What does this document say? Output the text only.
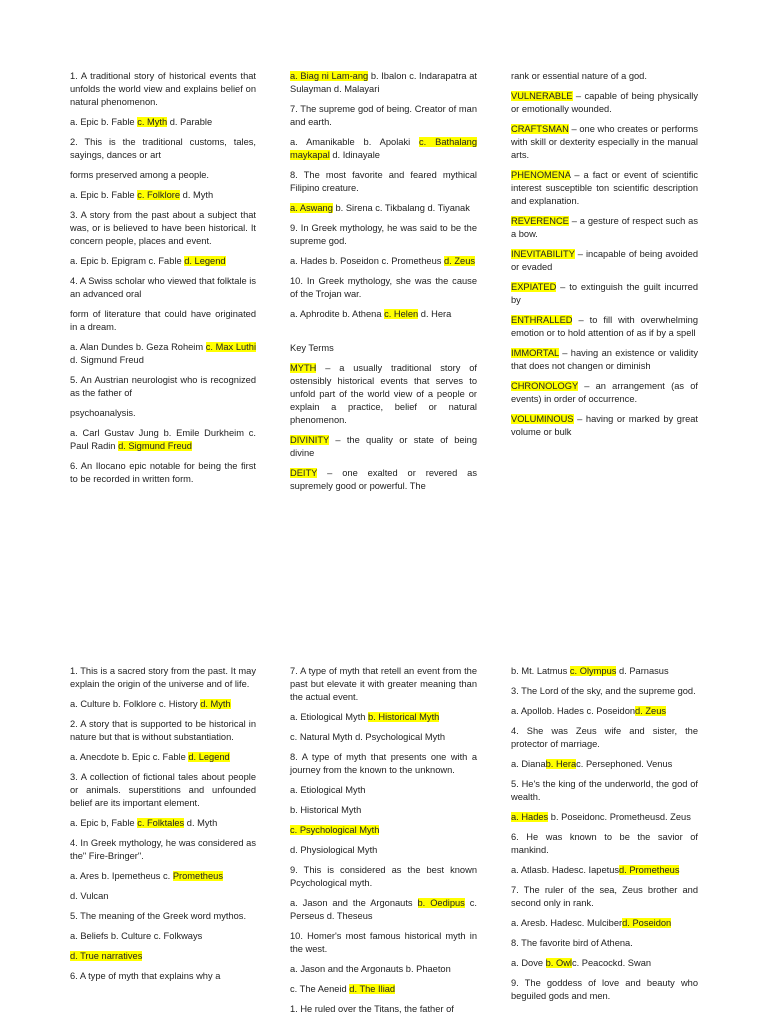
1. A traditional story of historical events that unfolds the world view and explains belief on natural phenomenon.

a. Epic b. Fable c. Myth d. Parable

2. This is the traditional customs, tales, sayings, dances or art

forms preserved among a people.

a. Epic b. Fable c. Folklore d. Myth

3. A story from the past about a subject that was, or is believed to have been historical. It concern people, places and event.

a. Epic b. Epigram c. Fable d. Legend

4. A Swiss scholar who viewed that folktale is an advanced oral

form of literature that could have originated in a dream.

a. Alan Dundes b. Geza Roheim c. Max Luthi d. Sigmund Freud

5. An Austrian neurologist who is recognized as the father of

psychoanalysis.

a. Carl Gustav Jung b. Emile Durkheim c. Paul Radin d. Sigmund Freud

6. An Ilocano epic notable for being the first to be recorded in written form.

a. Biag ni Lam-ang b. Ibalon c. Indarapatra at Sulayman d. Malayari

7. The supreme god of being. Creator of man and earth.

a. Amanikable b. Apolaki c. Bathalang maykapal d. Idinayale

8. The most favorite and feared mythical Filipino creature.

a. Aswang b. Sirena c. Tikbalang d. Tiyanak

9. In Greek mythology, he was said to be the supreme god.

a. Hades b. Poseidon c. Prometheus d. Zeus

10. In Greek mythology, she was the cause of the Trojan war.

a. Aphrodite b. Athena c. Helen d. Hera

Key Terms

MYTH – a usually traditional story of ostensibly historical events that serves to unfold part of the world view of a people or explain a practice, belief or natural phenomenon.

DIVINITY – the quality or state of being divine

DEITY – one exalted or revered as supremely good or powerful. The

rank or essential nature of a god.

VULNERABLE – capable of being physically or emotionally wounded.

CRAFTSMAN – one who creates or performs with skill or dexterity especially in the manual arts.

PHENOMENA – a fact or event of scientific interest susceptible ton scientific description and explanation.

REVERENCE – a gesture of respect such as a bow.

INEVITABILITY – incapable of being avoided or evaded

EXPIATED – to extinguish the guilt incurred by

ENTHRALLED – to fill with overwhelming emotion or to hold attention of as if by a spell

IMMORTAL – having an existence or validity that does not changen or diminish

CHRONOLOGY – an arrangement (as of events) in order of occurrence.

VOLUMINOUS – having or marked by great volume or bulk

1. This is a sacred story from the past. It may explain the origin of the universe and of life.

a. Culture b. Folklore c. History d. Myth

2. A story that is supported to be historical in nature but that is without substantiation.

a. Anecdote b. Epic c. Fable d. Legend

3. A collection of fictional tales about people or animals. superstitions and unfounded belief are its important element.

a. Epic b, Fable c. Folktales d. Myth

4. In Greek mythology, he was considered as the" Fire-Bringer".

a. Ares b. Ipemetheus c. Prometheus

d. Vulcan

5. The meaning of the Greek word mythos.

a. Beliefs b. Culture c. Folkways

d. True narratives

6. A type of myth that explains why a

7. A type of myth that retell an event from the past but elevate it with greater meaning than the actual event.

a. Etiological Myth b. Historical Myth

c. Natural Myth d. Psychological Myth

8. A type of myth that presents one with a journey from the known to the unknown.

a. Etiological Myth

b. Historical Myth

c. Psychological Myth

d. Physiological Myth

9. This is considered as the best known Pcychological myth.

a. Jason and the Argonauts b. Oedipus c. Perseus d. Theseus

10. Homer's most famous historical myth in the west.

a. Jason and the Argonauts b. Phaeton

c. The Aeneid d. The Iliad

1. He ruled over the Titans, the father of

b. Mt. Latmus c. Olympus d. Parnasus

3. The Lord of the sky, and the supreme god.

a. Apollob. Hades c. Poseidond. Zeus

4. She was Zeus wife and sister, the protector of marriage.

a. Dianab. Herac. Persephoned. Venus

5. He's the king of the underworld, the god of wealth.

a. Hades b. Poseidonc. Prometheusd. Zeus

6. He was known to be the savior of mankind.

a. Atlasb. Hadesc. Iapetusd. Prometheus

7. The ruler of the sea, Zeus brother and second only in rank.

a. Aresb. Hadesc. Mulciberd. Poseidon

8. The favorite bird of Athena.

a. Dove b. Owlc. Peacockd. Swan

9. The goddess of love and beauty who beguiled gods and men.
